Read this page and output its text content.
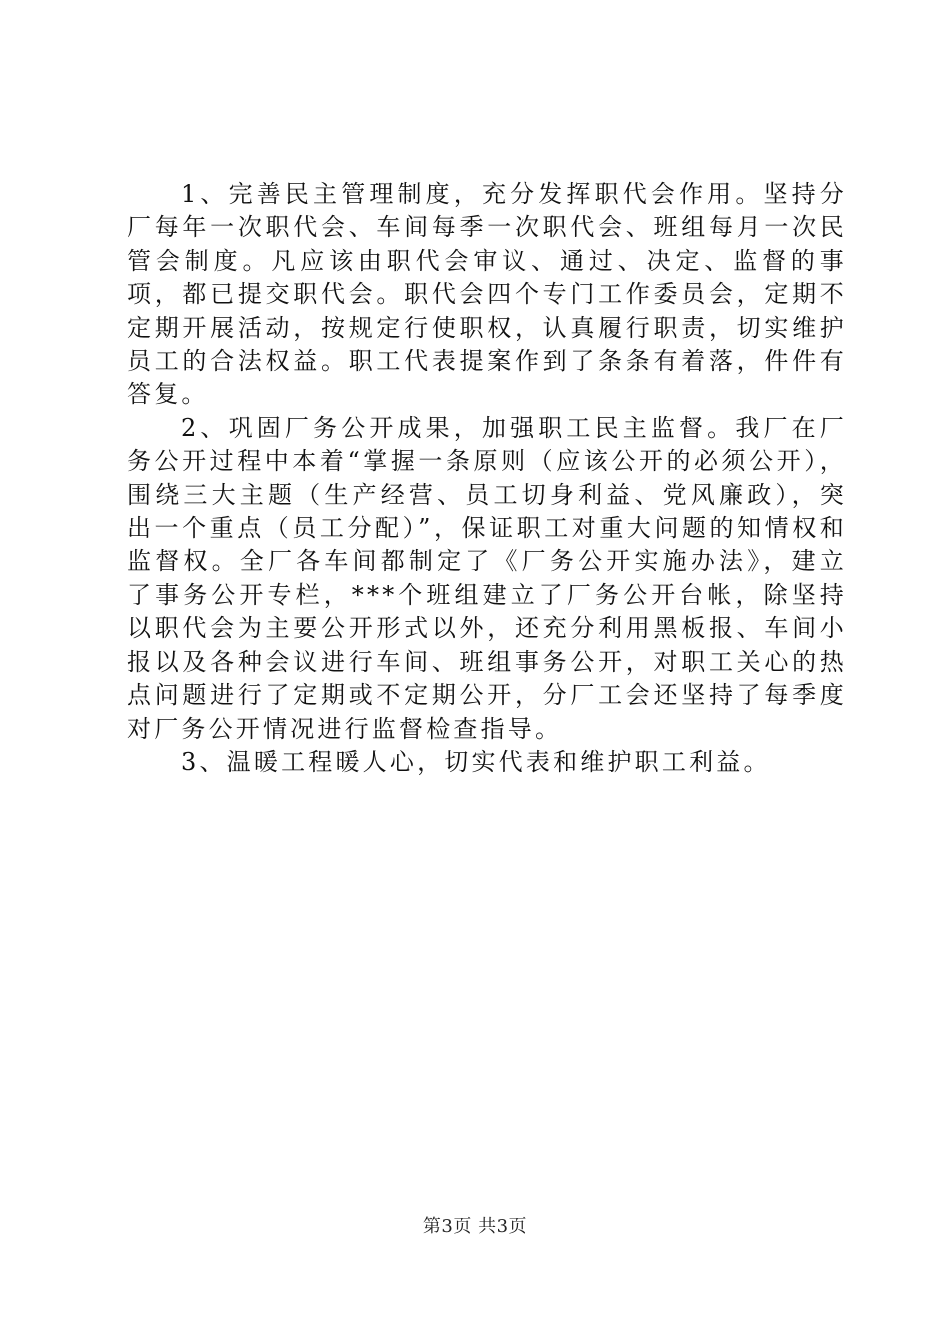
1、完善民主管理制度，充分发挥职代会作用。坚持分厂每年一次职代会、车间每季一次职代会、班组每月一次民管会制度。凡应该由职代会审议、通过、决定、监督的事项，都已提交职代会。职代会四个专门工作委员会，定期不定期开展活动，按规定行使职权，认真履行职责，切实维护员工的合法权益。职工代表提案作到了条条有着落，件件有答复。

2、巩固厂务公开成果，加强职工民主监督。我厂在厂务公开过程中本着“掌握一条原则（应该公开的必须公开），围绕三大主题（生产经营、员工切身利益、党风廉政），突出一个重点（员工分配）”，保证职工对重大问题的知情权和监督权。全厂各车间都制定了《厂务公开实施办法》，建立了事务公开专栏，***个班组建立了厂务公开台帐，除坚持以职代会为主要公开形式以外，还充分利用黑板报、车间小报以及各种会议进行车间、班组事务公开，对职工关心的热点问题进行了定期或不定期公开，分厂工会还坚持了每季度对厂务公开情况进行监督检查指导。

3、温暖工程暖人心，切实代表和维护职工利益。

第3页 共3页
